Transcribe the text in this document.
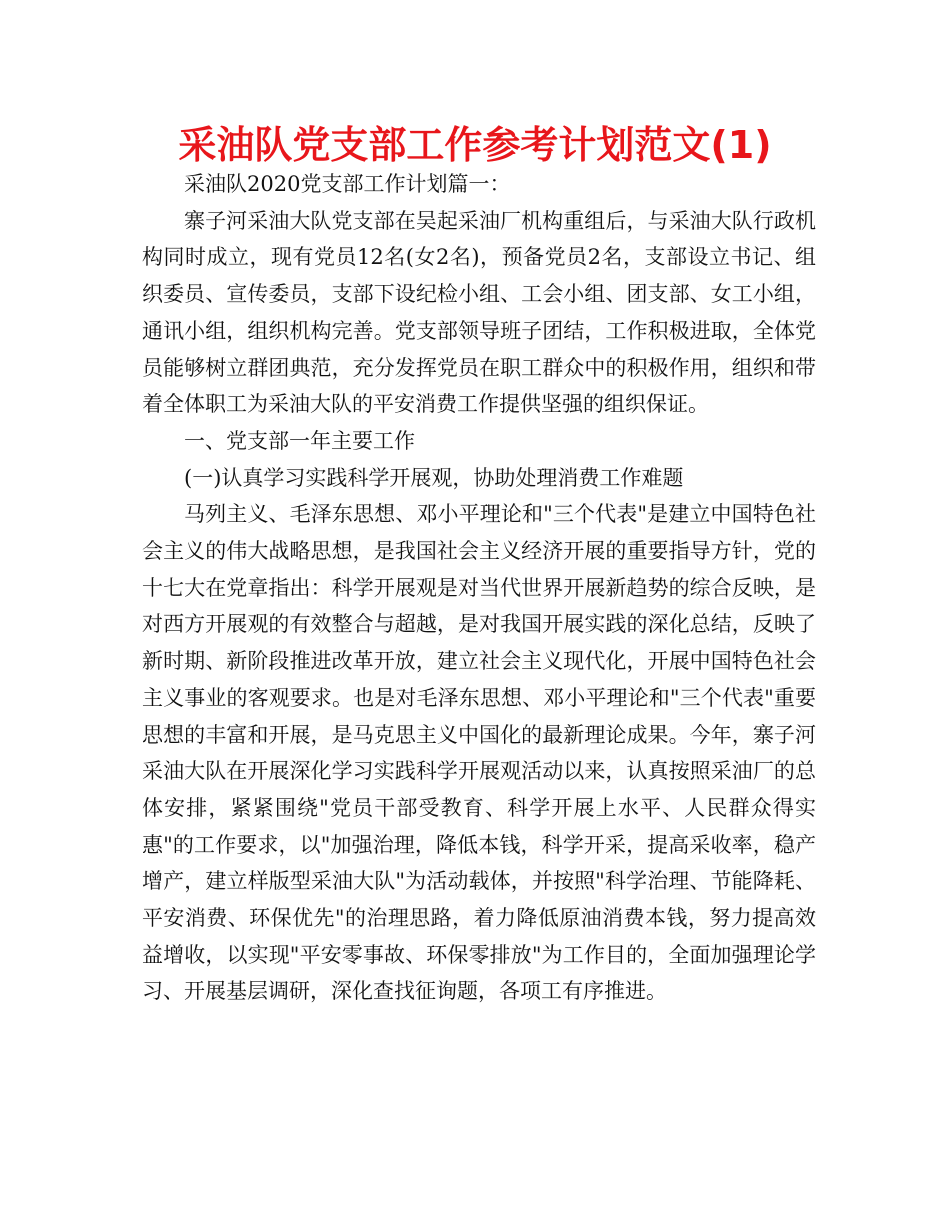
采油队党支部工作参考计划范文(1)

采油队2020党支部工作计划篇一：

寨子河采油大队党支部在吴起采油厂机构重组后，与采油大队行政机构同时成立，现有党员12名(女2名)，预备党员2名，支部设立书记、组织委员、宣传委员，支部下设纪检小组、工会小组、团支部、女工小组，通讯小组，组织机构完善。党支部领导班子团结，工作积极进取，全体党员能够树立群团典范，充分发挥党员在职工群众中的积极作用，组织和带着全体职工为采油大队的平安消费工作提供坚强的组织保证。

一、党支部一年主要工作

(一)认真学习实践科学开展观，协助处理消费工作难题

马列主义、毛泽东思想、邓小平理论和"三个代表"是建立中国特色社会主义的伟大战略思想，是我国社会主义经济开展的重要指导方针，党的十七大在党章指出：科学开展观是对当代世界开展新趋势的综合反映，是对西方开展观的有效整合与超越，是对我国开展实践的深化总结，反映了新时期、新阶段推进改革开放，建立社会主义现代化，开展中国特色社会主义事业的客观要求。也是对毛泽东思想、邓小平理论和"三个代表"重要思想的丰富和开展，是马克思主义中国化的最新理论成果。今年，寨子河采油大队在开展深化学习实践科学开展观活动以来，认真按照采油厂的总体安排，紧紧围绕"党员干部受教育、科学开展上水平、人民群众得实惠"的工作要求，以"加强治理，降低本钱，科学开采，提高采收率，稳产增产，建立样版型采油大队"为活动载体，并按照"科学治理、节能降耗、平安消费、环保优先"的治理思路，着力降低原油消费本钱，努力提高效益增收，以实现"平安零事故、环保零排放"为工作目的，全面加强理论学习、开展基层调研，深化查找征询题，各项工有序推进。
